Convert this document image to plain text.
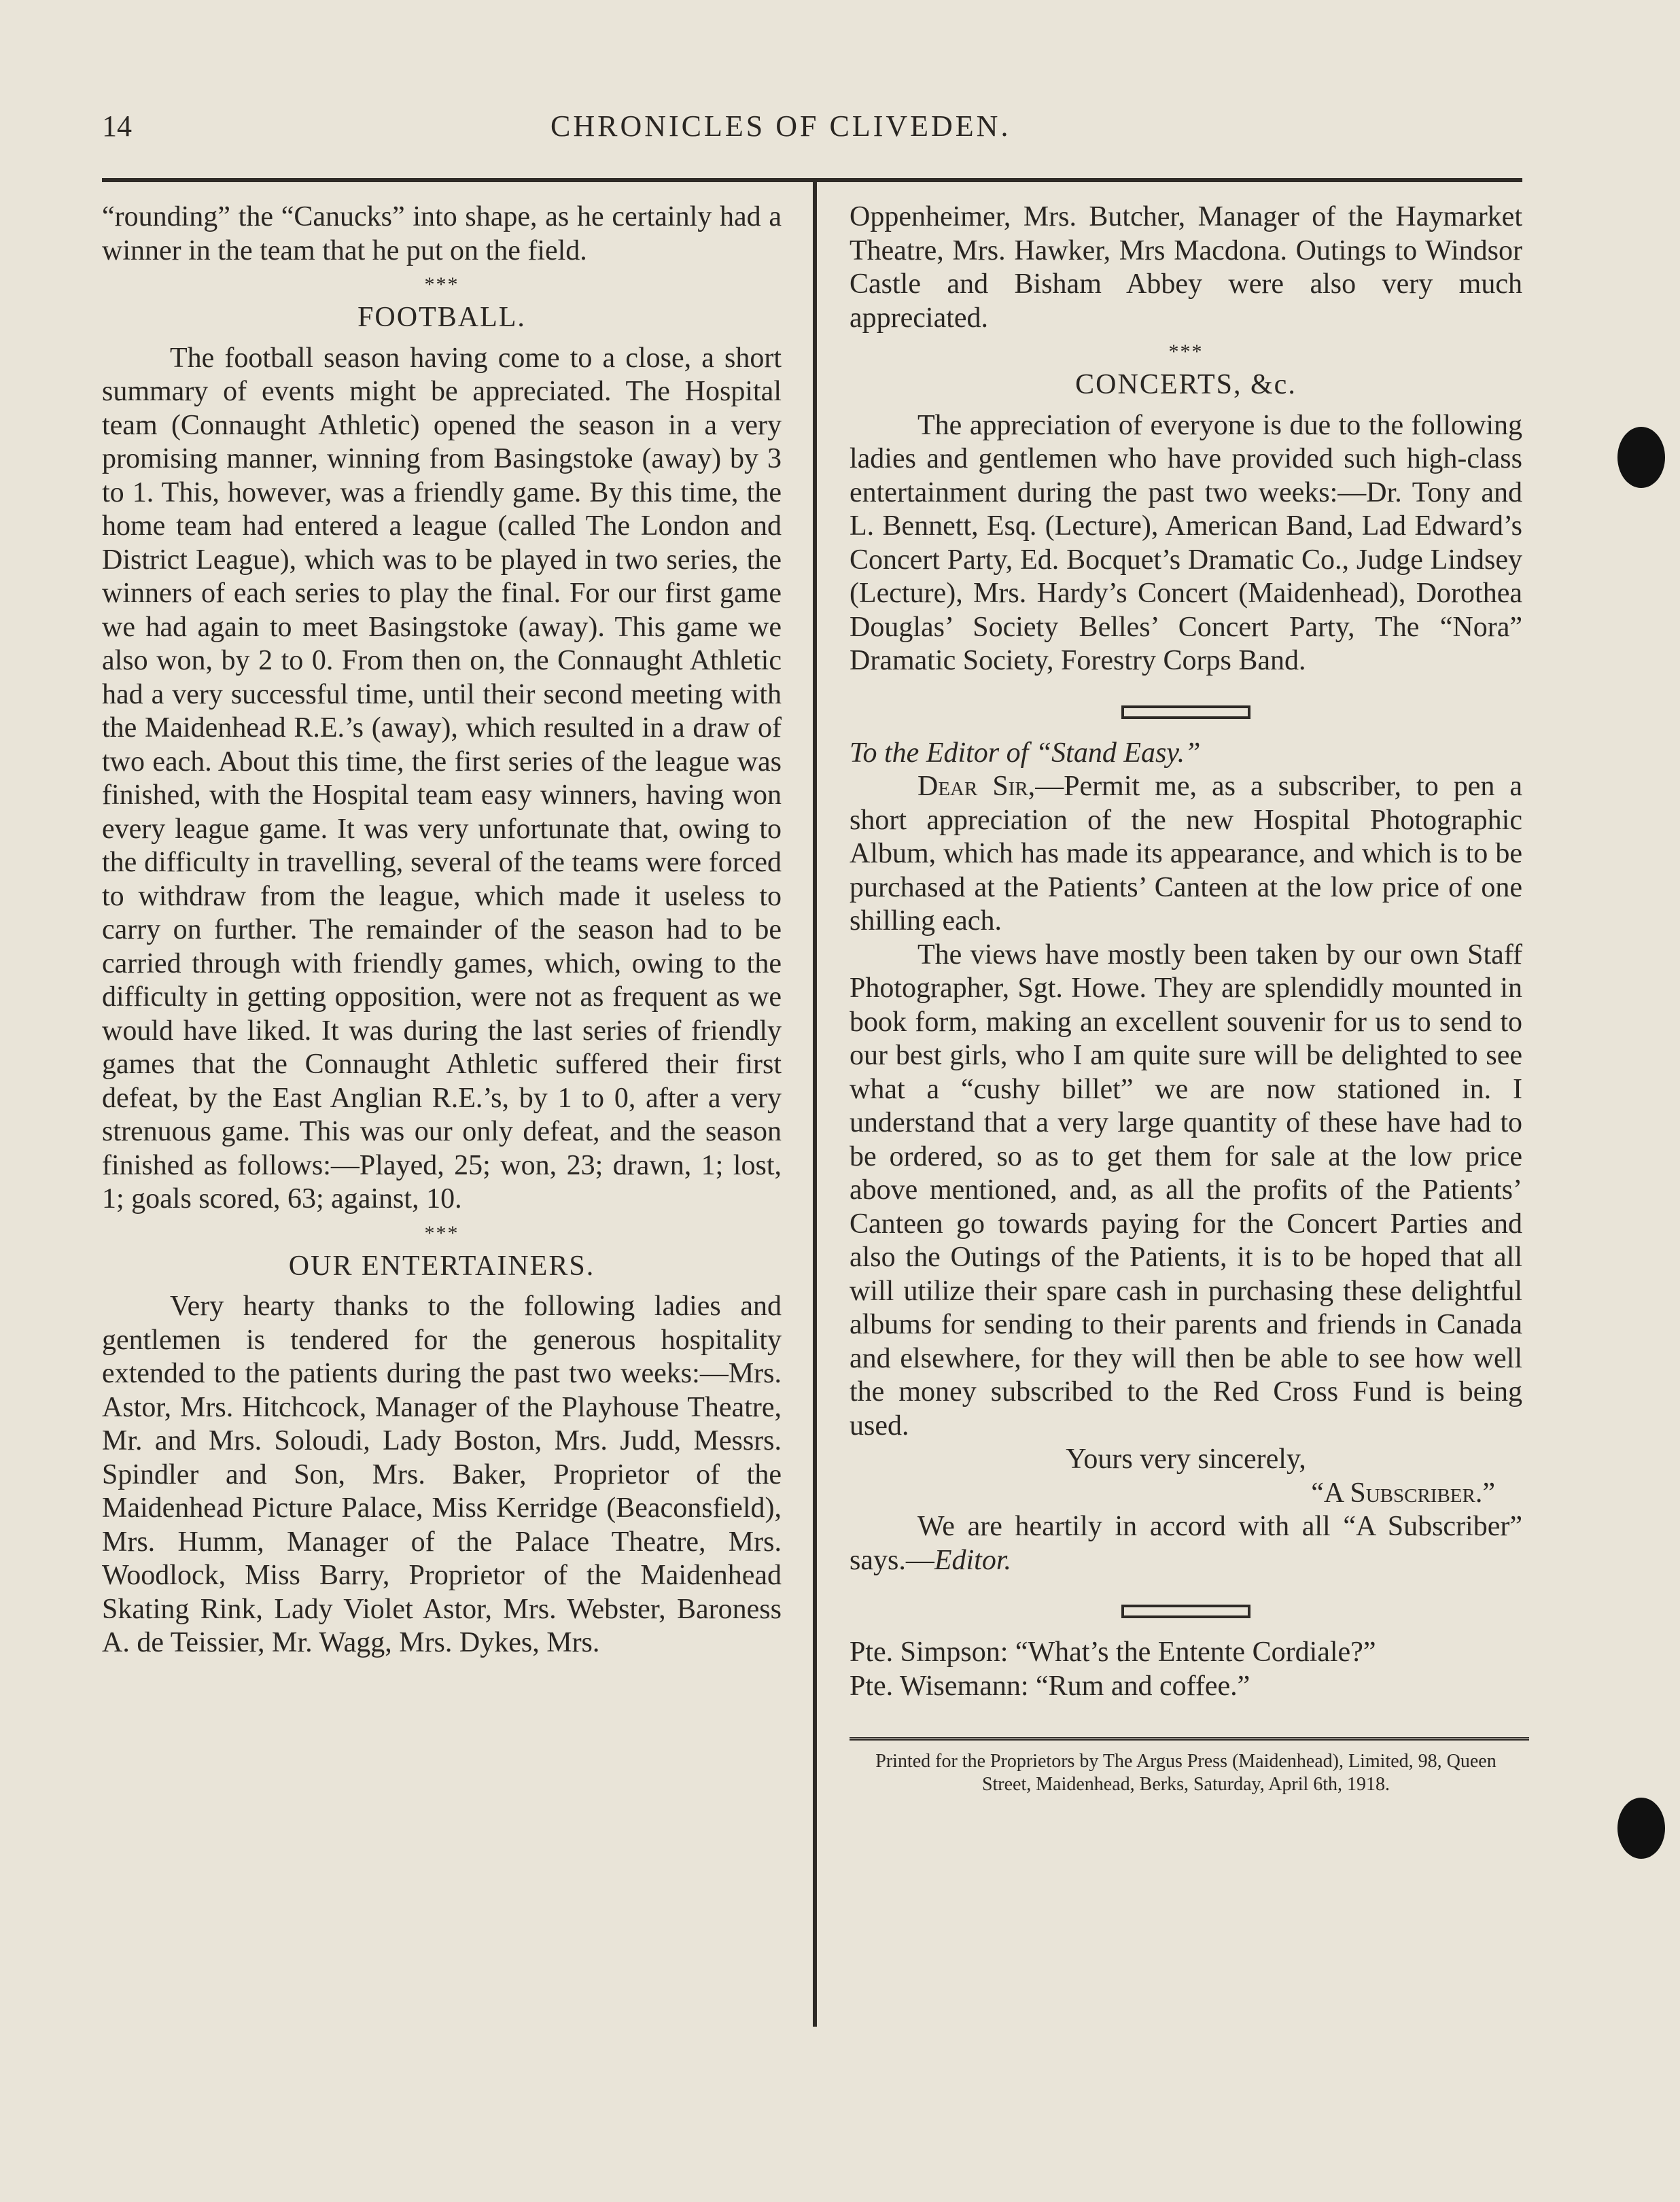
14	CHRONICLES OF CLIVEDEN.

“rounding” the “Canucks” into shape, as he certainly had a winner in the team that he put on the field.

***
FOOTBALL.

The football season having come to a close, a short summary of events might be appreciated. The Hospital team (Connaught Athletic) opened the season in a very promising manner, winning from Basingstoke (away) by 3 to 1. This, however, was a friendly game. By this time, the home team had entered a league (called The London and District League), which was to be played in two series, the winners of each series to play the final. For our first game we had again to meet Basingstoke (away). This game we also won, by 2 to 0. From then on, the Connaught Athletic had a very successful time, until their second meeting with the Maidenhead R.E.’s (away), which resulted in a draw of two each. About this time, the first series of the league was finished, with the Hospital team easy winners, having won every league game. It was very unfortunate that, owing to the difficulty in travelling, several of the teams were forced to withdraw from the league, which made it useless to carry on further. The remainder of the season had to be carried through with friendly games, which, owing to the difficulty in getting opposition, were not as frequent as we would have liked. It was during the last series of friendly games that the Connaught Athletic suffered their first defeat, by the East Anglian R.E.’s, by 1 to 0, after a very strenuous game. This was our only defeat, and the season finished as follows:—Played, 25; won, 23; drawn, 1; lost, 1; goals scored, 63; against, 10.

***
OUR ENTERTAINERS.

Very hearty thanks to the following ladies and gentlemen is tendered for the generous hospitality extended to the patients during the past two weeks:—Mrs. Astor, Mrs. Hitchcock, Manager of the Playhouse Theatre, Mr. and Mrs. Soloudi, Lady Boston, Mrs. Judd, Messrs. Spindler and Son, Mrs. Baker, Proprietor of the Maidenhead Picture Palace, Miss Kerridge (Beaconsfield), Mrs. Humm, Manager of the Palace Theatre, Mrs. Woodlock, Miss Barry, Proprietor of the Maidenhead Skating Rink, Lady Violet Astor, Mrs. Webster, Baroness A. de Teissier, Mr. Wagg, Mrs. Dykes, Mrs.

Oppenheimer, Mrs. Butcher, Manager of the Haymarket Theatre, Mrs. Hawker, Mrs Macdona. Outings to Windsor Castle and Bisham Abbey were also very much appreciated.

***
CONCERTS, &c.

The appreciation of everyone is due to the following ladies and gentlemen who have provided such high-class entertainment during the past two weeks:—Dr. Tony and L. Bennett, Esq. (Lecture), American Band, Lad Edward’s Concert Party, Ed. Bocquet’s Dramatic Co., Judge Lindsey (Lecture), Mrs. Hardy’s Concert (Maidenhead), Dorothea Douglas’ Society Belles’ Concert Party, The “Nora” Dramatic Society, Forestry Corps Band.

To the Editor of “Stand Easy.”

Dear Sir,—Permit me, as a subscriber, to pen a short appreciation of the new Hospital Photographic Album, which has made its appearance, and which is to be purchased at the Patients’ Canteen at the low price of one shilling each.

The views have mostly been taken by our own Staff Photographer, Sgt. Howe. They are splendidly mounted in book form, making an excellent souvenir for us to send to our best girls, who I am quite sure will be delighted to see what a “cushy billet” we are now stationed in. I understand that a very large quantity of these have had to be ordered, so as to get them for sale at the low price above mentioned, and, as all the profits of the Patients’ Canteen go towards paying for the Concert Parties and also the Outings of the Patients, it is to be hoped that all will utilize their spare cash in purchasing these delightful albums for sending to their parents and friends in Canada and elsewhere, for they will then be able to see how well the money subscribed to the Red Cross Fund is being used.

Yours very sincerely,

“A Subscriber.”

We are heartily in accord with all “A Subscriber” says.—Editor.

Pte. Simpson: “What’s the Entente Cordiale?”

Pte. Wisemann: “Rum and coffee.”

Printed for the Proprietors by The Argus Press (Maidenhead), Limited, 98, Queen Street, Maidenhead, Berks, Saturday, April 6th, 1918.
